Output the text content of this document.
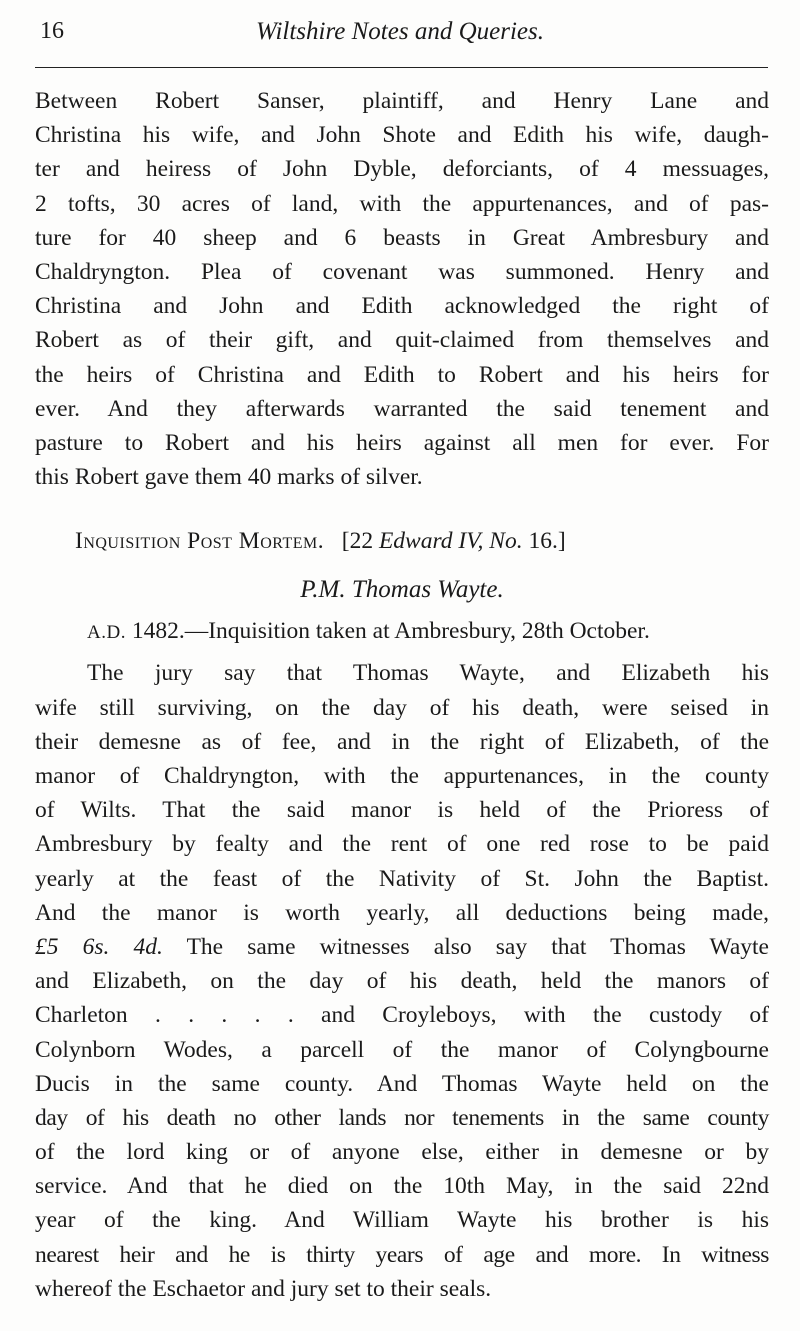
16	Wiltshire Notes and Queries.
Between Robert Sanser, plaintiff, and Henry Lane and
Christina his wife, and John Shote and Edith his wife, daugh-
ter and heiress of John Dyble, deforciants, of 4 messuages,
2 tofts, 30 acres of land, with the appurtenances, and of pas-
ture for 40 sheep and 6 beasts in Great Ambresbury and
Chaldryngton. Plea of covenant was summoned. Henry and
Christina and John and Edith acknowledged the right of
Robert as of their gift, and quit-claimed from themselves and
the heirs of Christina and Edith to Robert and his heirs for
ever. And they afterwards warranted the said tenement and
pasture to Robert and his heirs against all men for ever. For
this Robert gave them 40 marks of silver.
Inquisition Post Mortem. [22 Edward IV, No. 16.]
P.M. Thomas Wayte.
A.D. 1482.—Inquisition taken at Ambresbury, 28th October.
The jury say that Thomas Wayte, and Elizabeth his
wife still surviving, on the day of his death, were seised in
their demesne as of fee, and in the right of Elizabeth, of the
manor of Chaldryngton, with the appurtenances, in the county
of Wilts. That the said manor is held of the Prioress of
Ambresbury by fealty and the rent of one red rose to be paid
yearly at the feast of the Nativity of St. John the Baptist.
And the manor is worth yearly, all deductions being made,
£5 6s. 4d. The same witnesses also say that Thomas Wayte
and Elizabeth, on the day of his death, held the manors of
Charleton . . . . . and Croyleboys, with the custody of
Colynborn Wodes, a parcell of the manor of Colyngbourne
Ducis in the same county. And Thomas Wayte held on the
day of his death no other lands nor tenements in the same county
of the lord king or of anyone else, either in demesne or by
service. And that he died on the 10th May, in the said 22nd
year of the king. And William Wayte his brother is his
nearest heir and he is thirty years of age and more. In witness
whereof the Eschaetor and jury set to their seals.
